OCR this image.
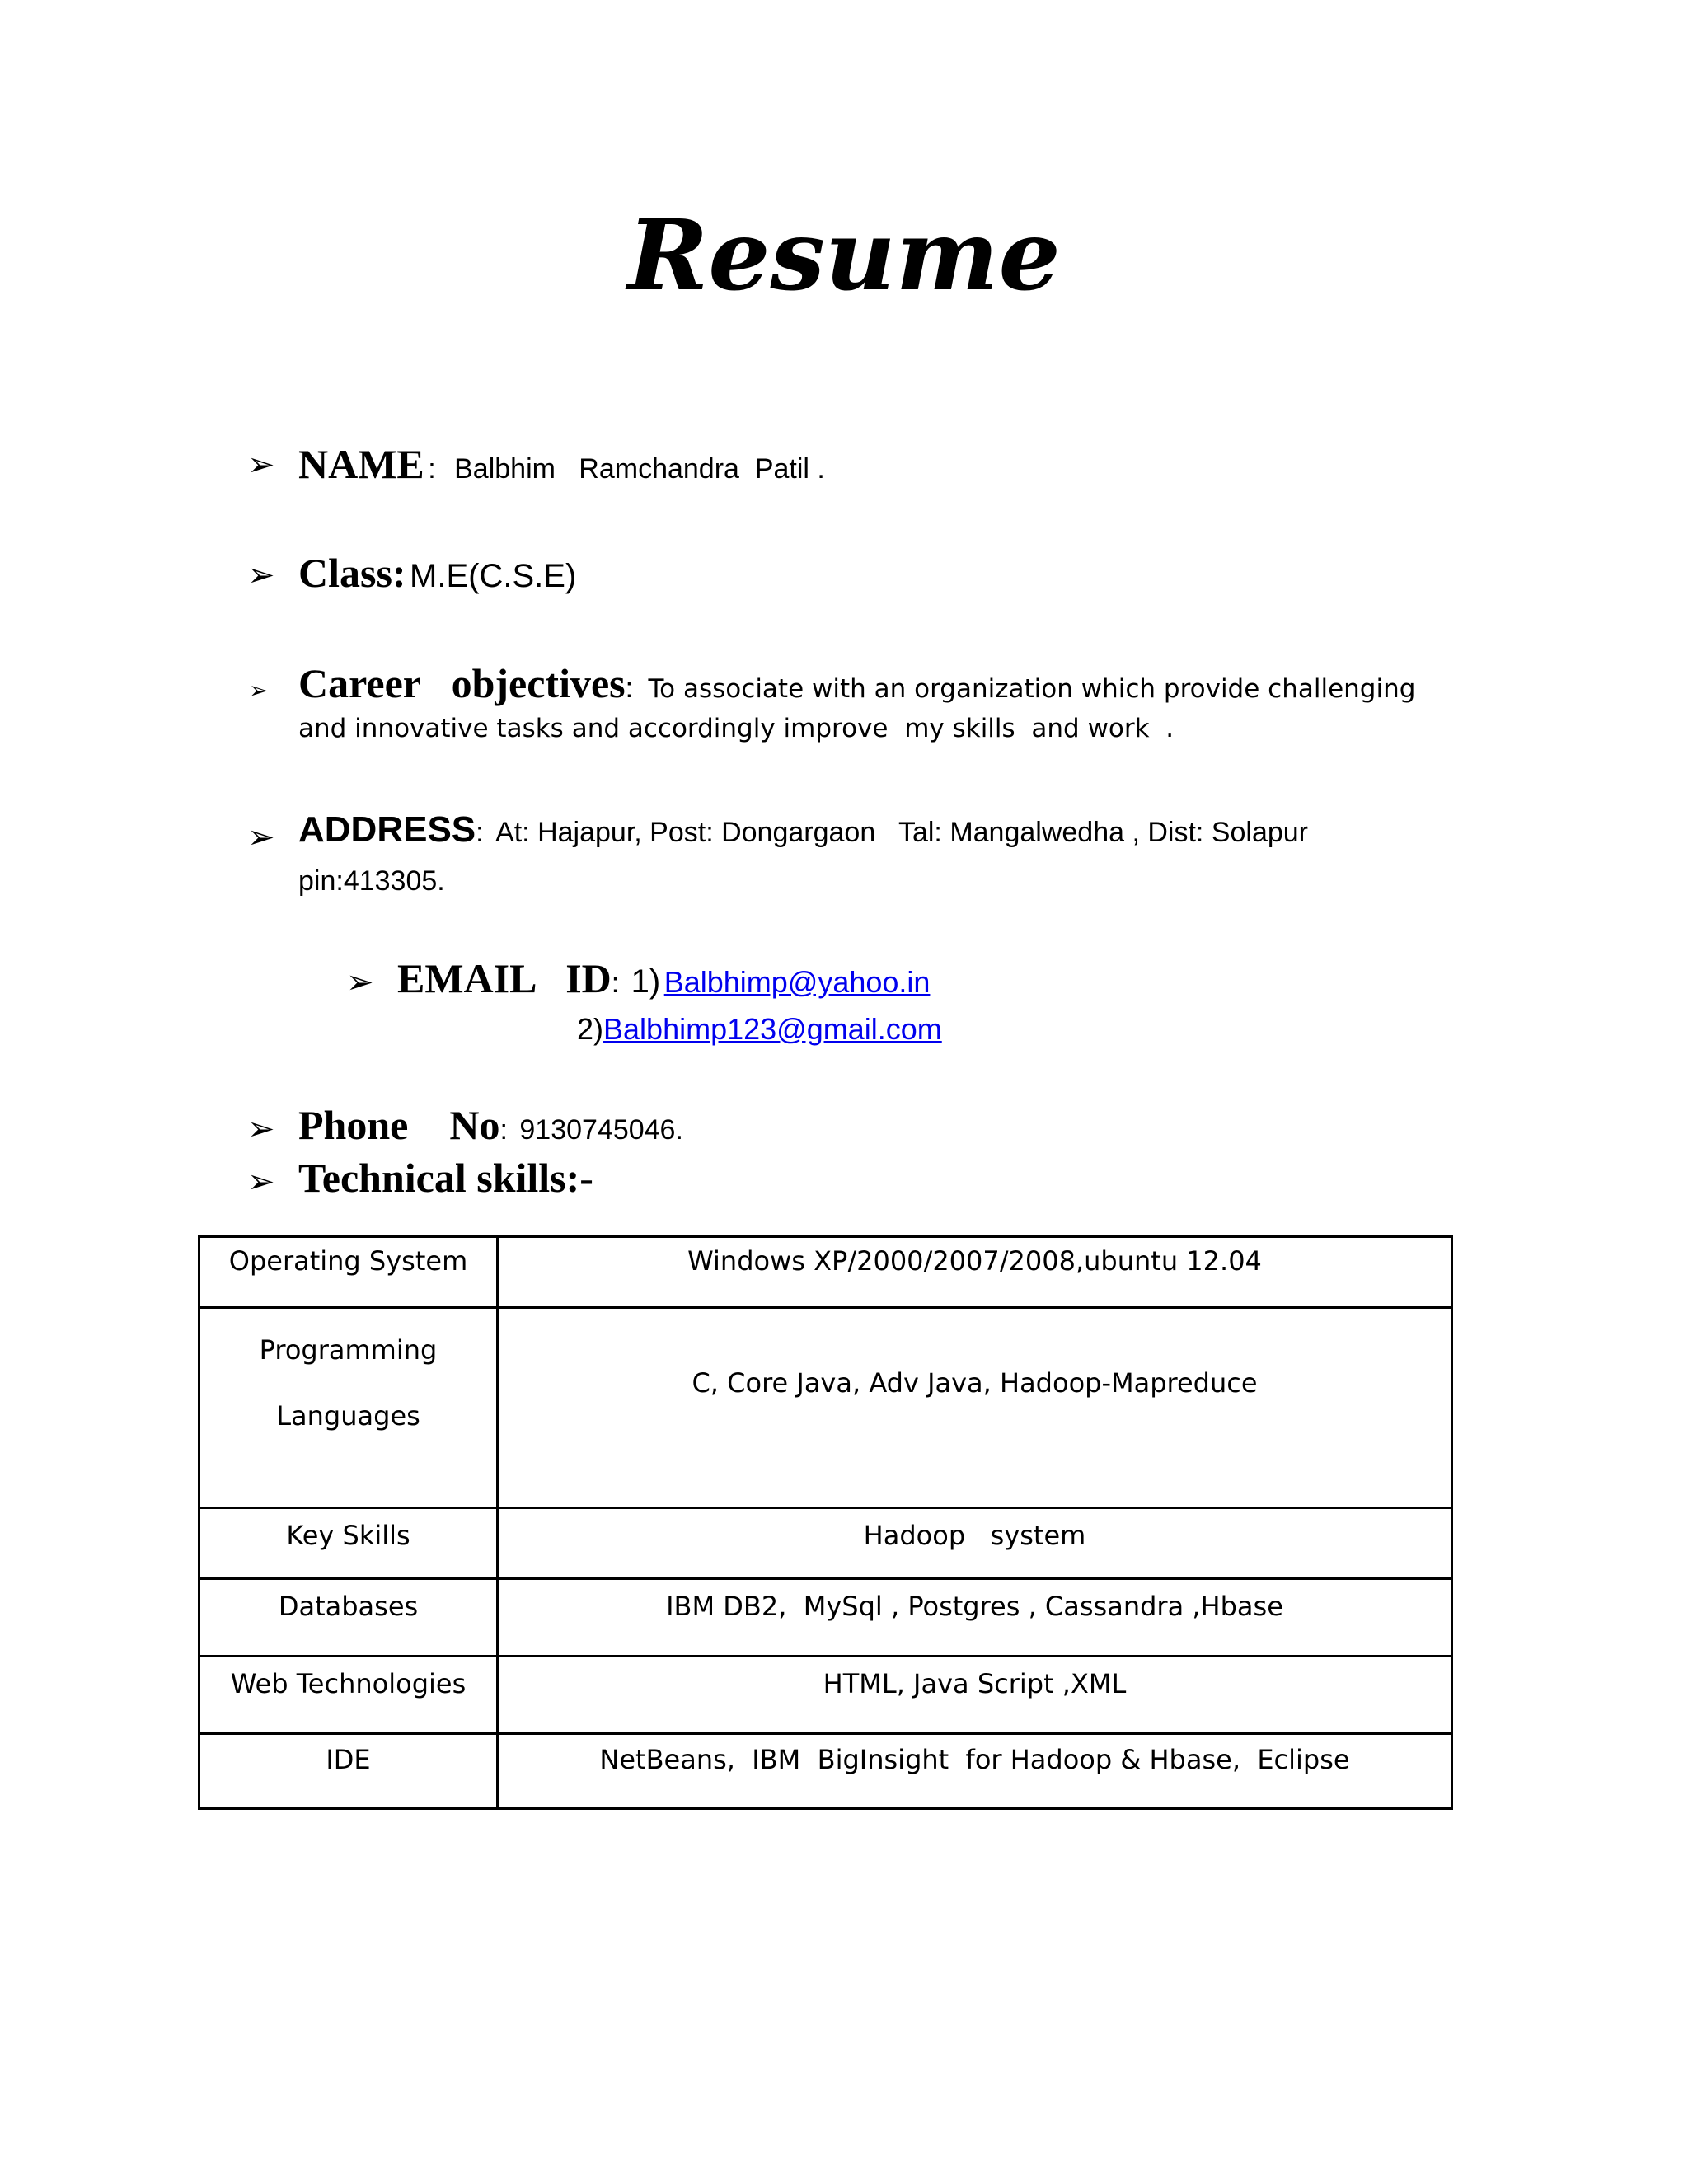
Resume
➢ NAME : Balbhim   Ramchandra  Patil .
➢ Class: M.E(C.S.E)
➢ Career   objectives: To associate with an organization which provide challenging
and innovative tasks and accordingly improve  my skills  and work  .
➢ ADDRESS: At: Hajapur, Post: Dongargaon   Tal: Mangalwedha , Dist: Solapur
pin:413305.
➢ EMAIL   ID: 1) Balbhimp@yahoo.in
2)Balbhimp123@gmail.com
➢ Phone    No: 9130745046.
➢ Technical skills:-
Operating System	Windows XP/2000/2007/2008,ubuntu 12.04

Programming
Languages	C, Core Java, Adv Java, Hadoop-Mapreduce
Key Skills	Hadoop   system
Databases	IBM DB2,  MySql , Postgres , Cassandra ,Hbase
Web Technologies	HTML, Java Script ,XML
IDE	NetBeans,  IBM  BigInsight  for Hadoop & Hbase,  Eclipse
